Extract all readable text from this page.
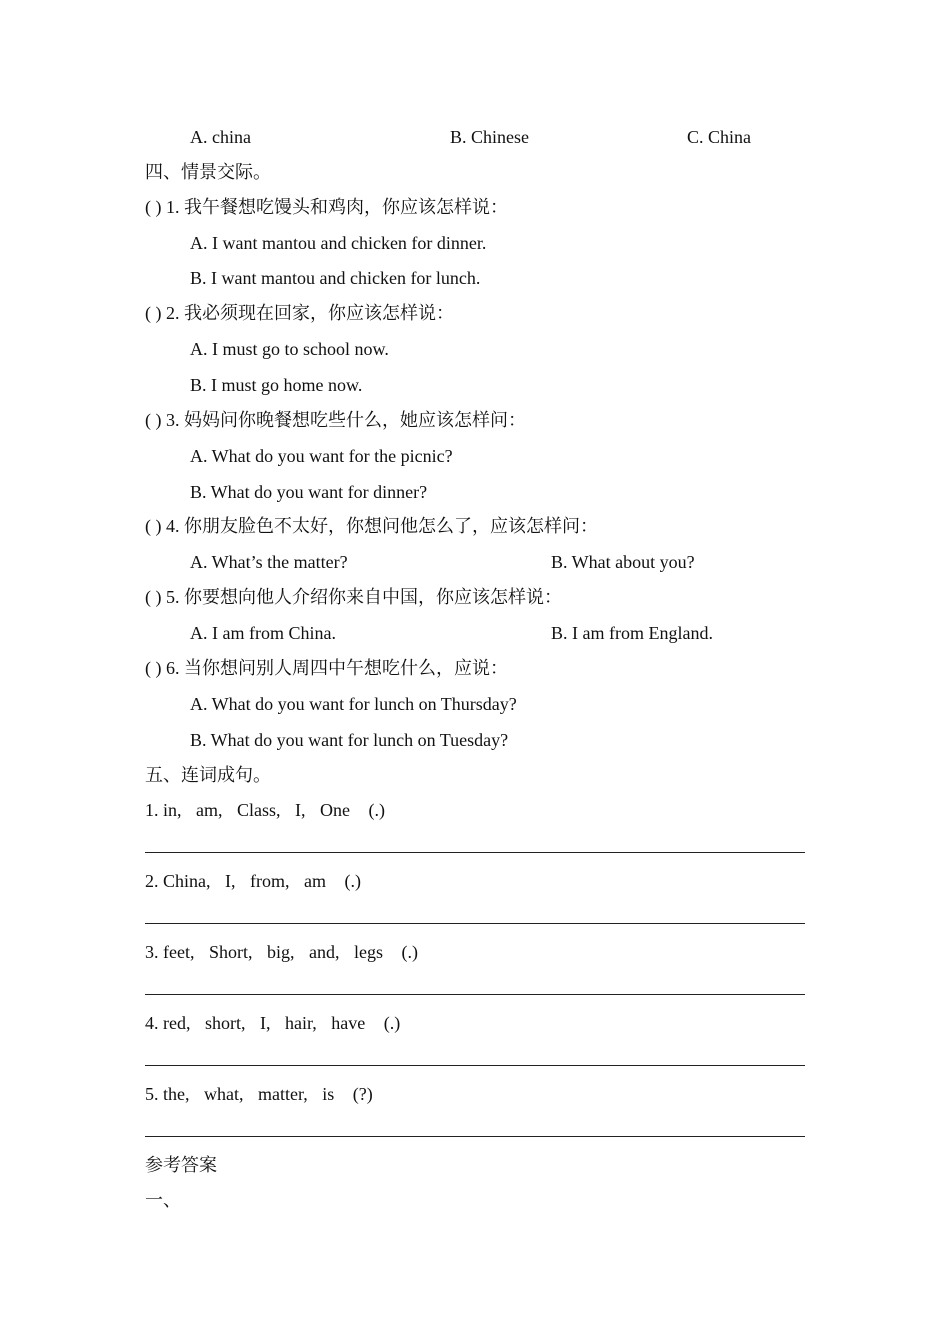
A. china	B. Chinese	C. China
四、情景交际。
( ) 1. 我午餐想吃馒头和鸡肉，你应该怎样说：
A. I want mantou and chicken for dinner.
B. I want mantou and chicken for lunch.
( ) 2. 我必须现在回家，你应该怎样说：
A. I must go to school now.
B. I must go home now.
( ) 3. 妈妈问你晚餐想吃些什么，她应该怎样问：
A. What do you want for the picnic?
B. What do you want for dinner?
( ) 4. 你朋友脸色不太好，你想问他怎么了，应该怎样问：
A. What’s the matter?	B. What about you?
( ) 5. 你要想向他人介绍你来自中国，你应该怎样说：
A. I am from China.	B. I am from England.
( ) 6. 当你想问别人周四中午想吃什么，应说：
A. What do you want for lunch on Thursday?
B. What do you want for lunch on Tuesday?
五、连词成句。
1. in, am, Class, I, One (.)
2. China, I, from, am (.)
3. feet, Short, big, and, legs (.)
4. red, short, I, hair, have (.)
5. the, what, matter, is (?)
参考答案
一、
